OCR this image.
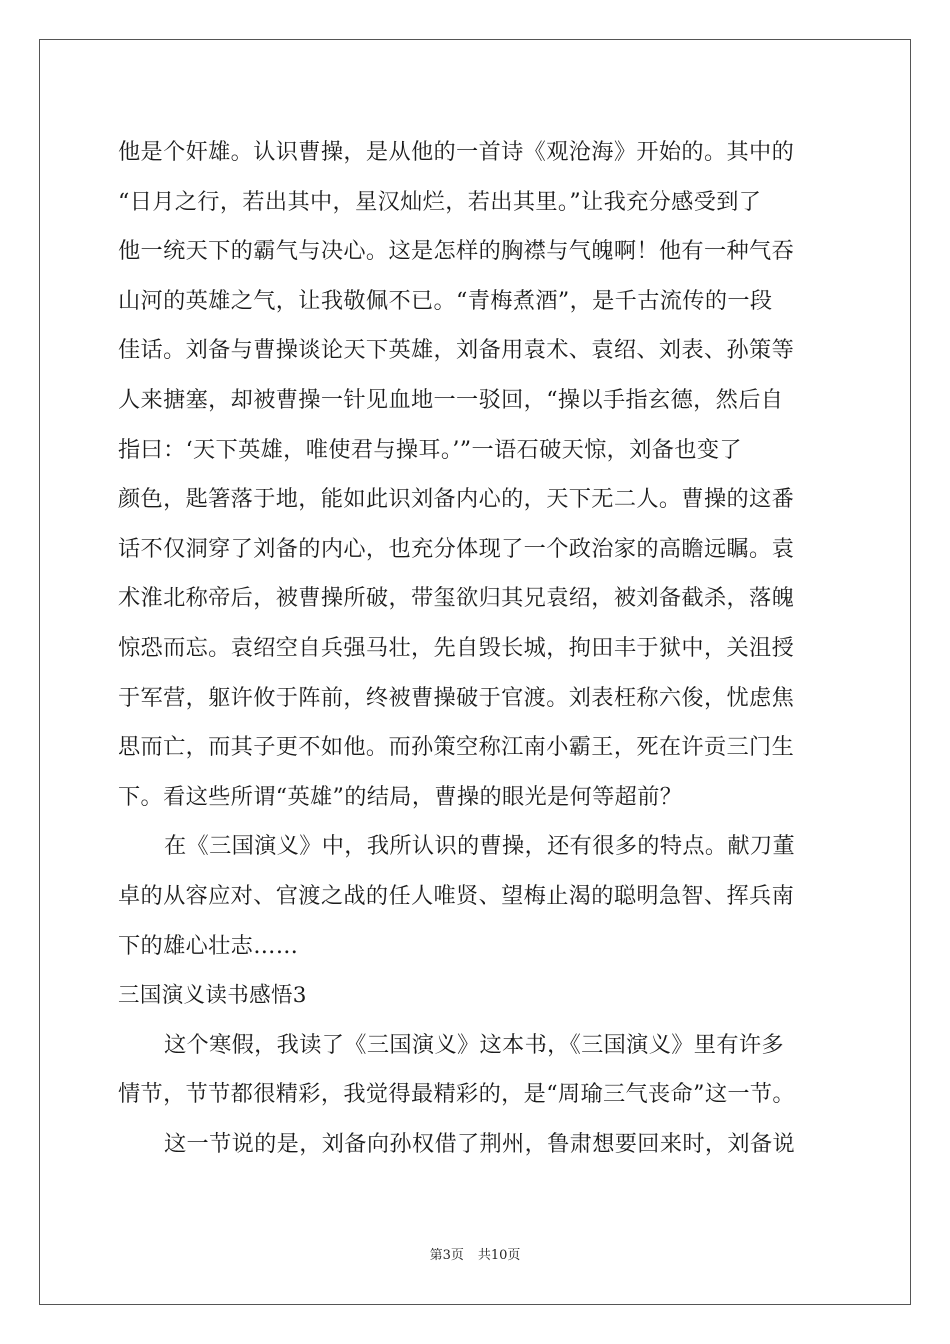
他是个奸雄。认识曹操，是从他的一首诗《观沧海》开始的。其中的
“日月之行，若出其中，星汉灿烂，若出其里。”让我充分感受到了
他一统天下的霸气与决心。这是怎样的胸襟与气魄啊！他有一种气吞
山河的英雄之气，让我敬佩不已。“青梅煮酒”，是千古流传的一段
佳话。刘备与曹操谈论天下英雄，刘备用袁术、袁绍、刘表、孙策等
人来搪塞，却被曹操一针见血地一一驳回，“操以手指玄德，然后自
指曰：‘天下英雄，唯使君与操耳。’”一语石破天惊，刘备也变了
颜色，匙箸落于地，能如此识刘备内心的，天下无二人。曹操的这番
话不仅洞穿了刘备的内心，也充分体现了一个政治家的高瞻远瞩。袁
术淮北称帝后，被曹操所破，带玺欲归其兄袁绍，被刘备截杀，落魄
惊恐而忘。袁绍空自兵强马壮，先自毁长城，拘田丰于狱中，关沮授
于军营，躯许攸于阵前，终被曹操破于官渡。刘表枉称六俊，忧虑焦
思而亡，而其子更不如他。而孙策空称江南小霸王，死在许贡三门生
下。看这些所谓“英雄”的结局，曹操的眼光是何等超前？
在《三国演义》中，我所认识的曹操，还有很多的特点。献刀董
卓的从容应对、官渡之战的任人唯贤、望梅止渴的聪明急智、挥兵南
下的雄心壮志……
三国演义读书感悟3
这个寒假，我读了《三国演义》这本书，《三国演义》里有许多
情节，节节都很精彩，我觉得最精彩的，是“周瑜三气丧命”这一节。
这一节说的是，刘备向孙权借了荆州，鲁肃想要回来时，刘备说
第3页 共10页
